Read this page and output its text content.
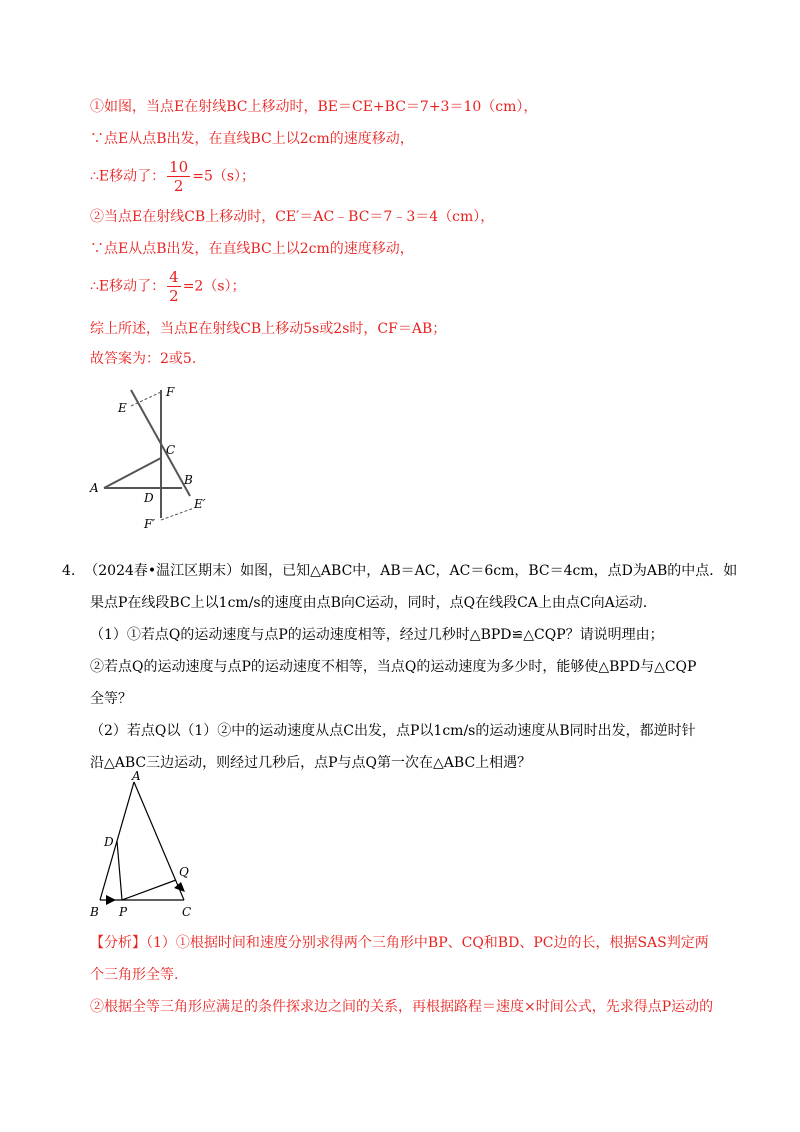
①如图，当点E在射线BC上移动时，BE＝CE+BC＝7+3＝10（cm），
∵点E从点B出发，在直线BC上以2cm的速度移动，
∴E移动了： $\frac{10}{2} =5(s)$；
②当点E在射线CB上移动时，CE′＝AC﹣BC＝7﹣3＝4（cm），
∵点E从点B出发，在直线BC上以2cm的速度移动，
∴E移动了： $\frac{4}{2} =2(s)$；
综上所述，当点E在射线CB上移动5s或2s时，CF＝AB；
故答案为：2或5.
F
E
C
B
A
D	E′
F′
4. （2024春•温江区期末）如图，已知△ABC中，AB＝AC，AC＝6cm，BC＝4cm，点D为AB的中点．如
果点P在线段BC上以1cm/s的速度由点B向C运动，同时，点Q在线段CA上由点C向A运动.
（1）①若点Q的运动速度与点P的运动速度相等，经过几秒时△BPD≌△CQP？请说明理由；
②若点Q的运动速度与点P的运动速度不相等，当点Q的运动速度为多少时，能够使△BPD与△CQP
全等？
（2）若点Q以（1）②中的运动速度从点C出发，点P以1cm/s的运动速度从B同时出发，都逆时针
沿△ABC三边运动，则经过几秒后，点P与点Q第一次在△ABC上相遇？
A
D
Q
B P	C
【分析】（1）①根据时间和速度分别求得两个三角形中BP、CQ和BD、PC边的长，根据SAS判定两
个三角形全等.
②根据全等三角形应满足的条件探求边之间的关系，再根据路程＝速度×时间公式，先求得点P运动的
